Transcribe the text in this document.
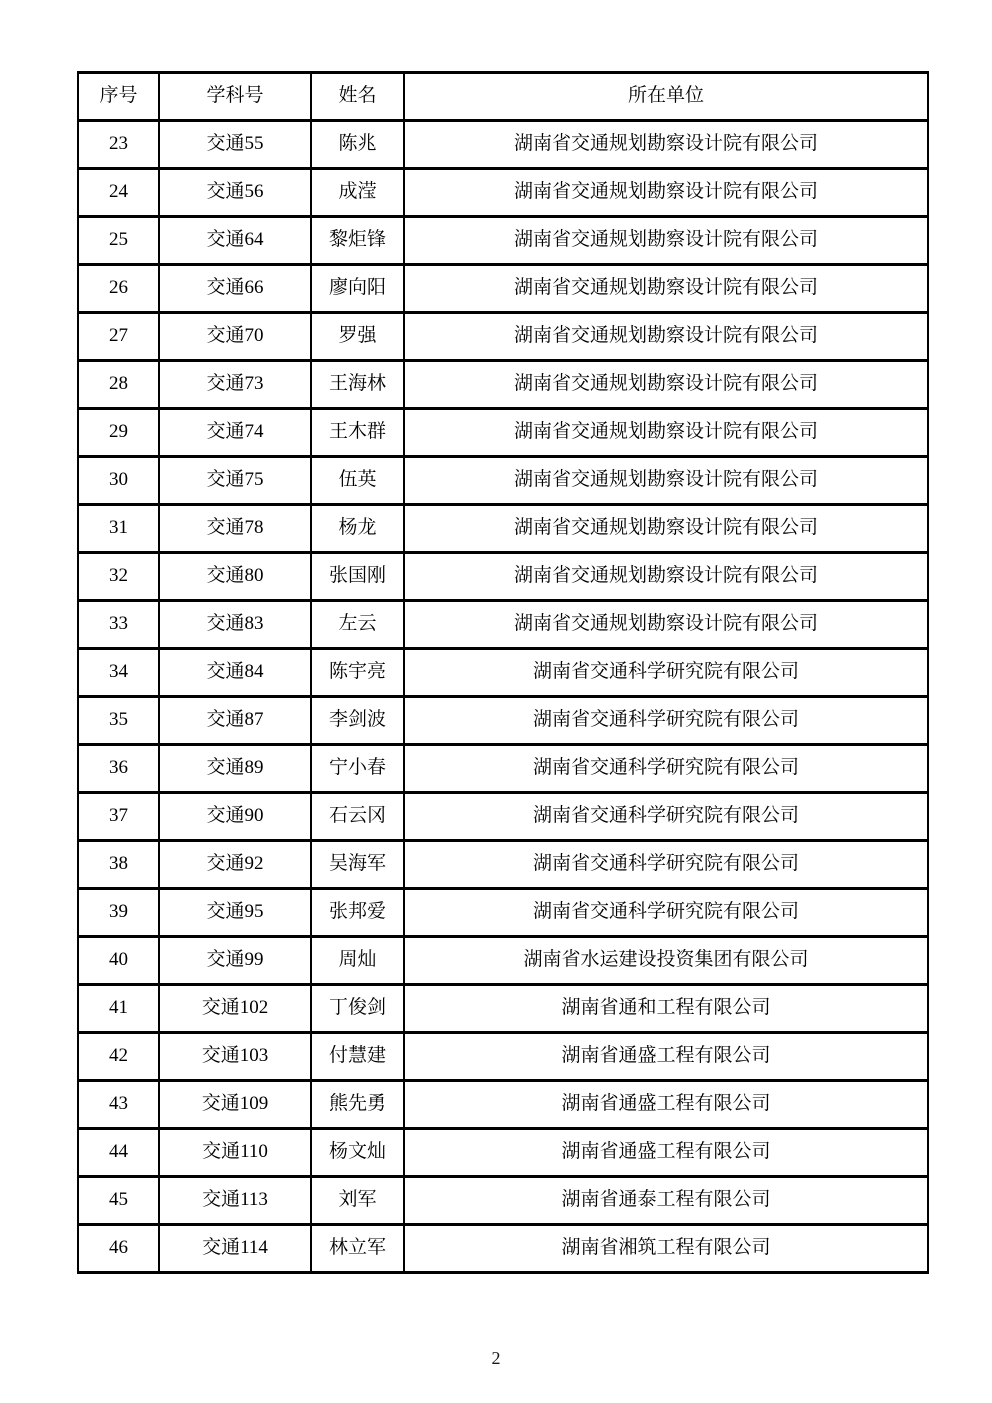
序号	学科号	姓名	所在单位
23	交通55	陈兆	湖南省交通规划勘察设计院有限公司
24	交通56	成滢	湖南省交通规划勘察设计院有限公司
25	交通64	黎炬锋	湖南省交通规划勘察设计院有限公司
26	交通66	廖向阳	湖南省交通规划勘察设计院有限公司
27	交通70	罗强	湖南省交通规划勘察设计院有限公司
28	交通73	王海林	湖南省交通规划勘察设计院有限公司
29	交通74	王木群	湖南省交通规划勘察设计院有限公司
30	交通75	伍英	湖南省交通规划勘察设计院有限公司
31	交通78	杨龙	湖南省交通规划勘察设计院有限公司
32	交通80	张国刚	湖南省交通规划勘察设计院有限公司
33	交通83	左云	湖南省交通规划勘察设计院有限公司
34	交通84	陈宇亮	湖南省交通科学研究院有限公司
35	交通87	李剑波	湖南省交通科学研究院有限公司
36	交通89	宁小春	湖南省交通科学研究院有限公司
37	交通90	石云冈	湖南省交通科学研究院有限公司
38	交通92	吴海军	湖南省交通科学研究院有限公司
39	交通95	张邦爱	湖南省交通科学研究院有限公司
40	交通99	周灿	湖南省水运建设投资集团有限公司
41	交通102	丁俊剑	湖南省通和工程有限公司
42	交通103	付慧建	湖南省通盛工程有限公司
43	交通109	熊先勇	湖南省通盛工程有限公司
44	交通110	杨文灿	湖南省通盛工程有限公司
45	交通113	刘军	湖南省通泰工程有限公司
46	交通114	林立军	湖南省湘筑工程有限公司
2
